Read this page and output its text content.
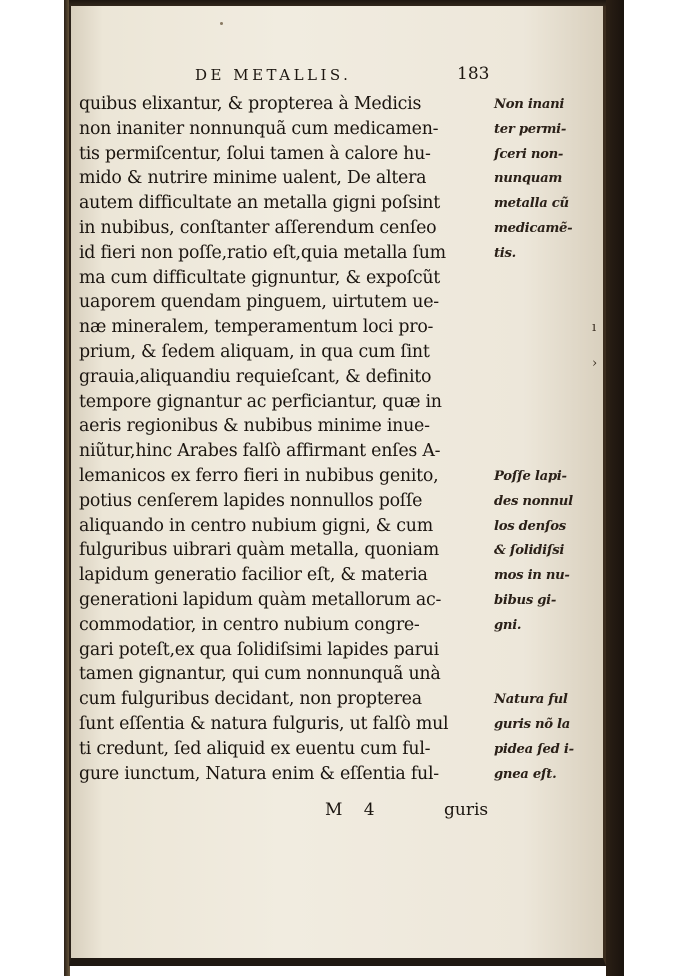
DE METALLIS.	183
quibus elixantur, & propterea à Medicis
non inaniter nonnunquã cum medicamen-
tis permiſcentur, ſolui tamen à calore hu-
mido & nutrire minime ualent, De altera
autem difficultate an metalla gigni poſsint
in nubibus, conſtanter aſſerendum cenſeo
id fieri non poſſe,ratio eſt,quia metalla ſum
ma cum difficultate gignuntur, & expoſcũt
uaporem quendam pinguem, uirtutem ue-
næ mineralem, temperamentum loci pro-
prium, & ſedem aliquam, in qua cum ſint
grauia,aliquandiu requieſcant, & definito
tempore gignantur ac perficiantur, quæ in
aeris regionibus & nubibus minime inue-
niũtur,hinc Arabes falſò affirmant enſes A-
lemanicos ex ferro fieri in nubibus genito,
potius cenſerem lapides nonnullos poſſe
aliquando in centro nubium gigni, & cum
fulguribus uibrari quàm metalla, quoniam
lapidum generatio facilior eſt, & materia
generationi lapidum quàm metallorum ac-
commodatior, in centro nubium congre-
gari poteſt,ex qua ſolidiſsimi lapides parui
tamen gignantur, qui cum nonnunquã unà
cum fulguribus decidant, non propterea
ſunt eſſentia & natura fulguris, ut falſò mul
ti credunt, ſed aliquid ex euentu cum ful-
gure iunctum, Natura enim & eſſentia ful-
Non inani
ter permi-
ſceri non-
nunquam
metalla cũ
medicamẽ-
tis.
Poſſe lapi-
des nonnul
los denſos
& ſolidiſsi
mos in nu-
bibus gi-
gni.
Natura ful
guris nõ la
pidea ſed i-
gnea eſt.
ı
›
M 4	guris
